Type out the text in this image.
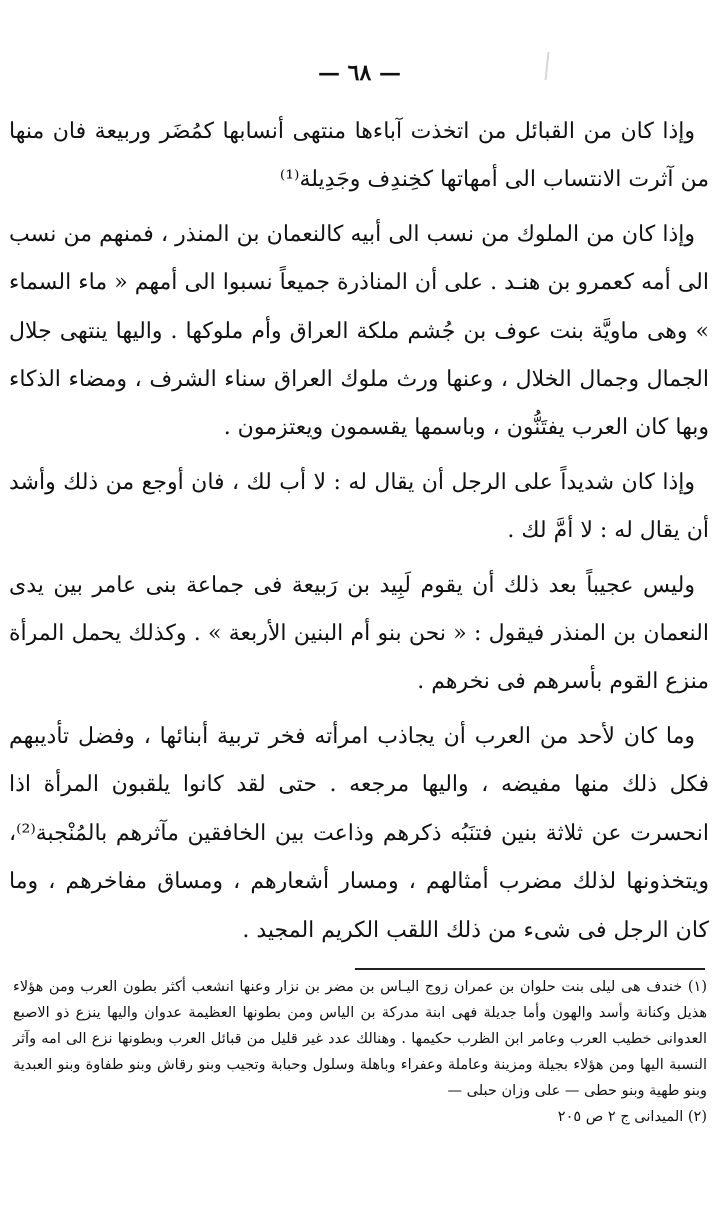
— ٦٨ —

وإذا كان من القبائل من اتخذت آباءها منتهى أنسابها كمُضَر وربيعة فان منها من آثرت الانتساب الى أمهاتها كخِندِف وجَدِيلة⁽¹⁾

وإذا كان من الملوك من نسب الى أبيه كالنعمان بن المنذر ، فمنهم من نسب الى أمه كعمرو بن هنـد . على أن المناذرة جميعاً نسبوا الى أمهم « ماء السماء » وهى ماويَّة بنت عوف بن جُشم ملكة العراق وأم ملوكها . واليها ينتهى جلال الجمال وجمال الخلال ، وعنها ورث ملوك العراق سناء الشرف ، ومضاء الذكاء وبها كان العرب يفتَنُّون ، وباسمها يقسمون ويعتزمون .

وإذا كان شديداً على الرجل أن يقال له : لا أب لك ، فان أوجع من ذلك وأشد أن يقال له : لا أمَّ لك .

وليس عجيباً بعد ذلك أن يقوم لَبِيد بن رَبيعة فى جماعة بنى عامر بين يدى النعمان بن المنذر فيقول : « نحن بنو أم البنين الأربعة » . وكذلك يحمل المرأة منزع القوم بأسرهم فى نخرهم .

وما كان لأحد من العرب أن يجاذب امرأته فخر تربية أبنائها ، وفضل تأديبهم فكل ذلك منها مفيضه ، واليها مرجعه . حتى لقد كانوا يلقبون المرأة اذا انحسرت عن ثلاثة بنين فتنَبُه ذكرهم وذاعت بين الخافقين مآثرهم بالمُنْجبة⁽²⁾، ويتخذونها لذلك مضرب أمثالهم ، ومسار أشعارهم ، ومساق مفاخرهم ، وما كان الرجل فى شىء من ذلك اللقب الكريم المجيد .

(١) خندف هى ليلى بنت حلوان بن عمران زوج اليـاس بن مضر بن نزار وعنها انشعب أكثر بطون العرب ومن هؤلاء هذيل وكنانة وأسد والهون وأما جديلة فهى ابنة مدركة بن الياس ومن بطونها العظيمة عدوان واليها ينزع ذو الاصبع العدوانى خطيب العرب وعامر ابن الظرب حكيمها . وهنالك عدد غير قليل من قبائل العرب وبطونها نزع الى امه وآثر النسبة اليها ومن هؤلاء بجيلة ومزينة وعاملة وعفراء وباهلة وسلول وحبابة وتجيب وبنو رقاش وبنو طفاوة وبنو العبدية وبنو طهية وبنو حطى — على وزان حبلى —

(٢) الميدانى ج ٢ ص ٢٠٥
